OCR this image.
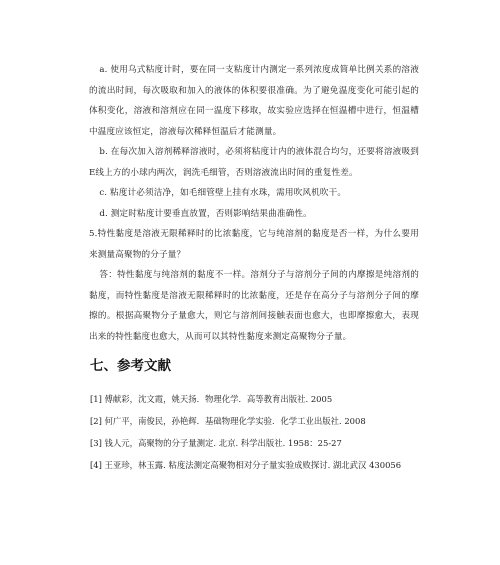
a. 使用乌式粘度计时，要在同一支粘度计内测定一系列浓度成简单比例关系的溶液的流出时间，每次吸取和加入的液体的体积要很准确。为了避免温度变化可能引起的体积变化，溶液和溶剂应在同一温度下移取，故实验应选择在恒温槽中进行，恒温槽中温度应该恒定，溶液每次稀释恒温后才能测量。

b. 在每次加入溶剂稀释溶液时，必须将粘度计内的液体混合均匀，还要将溶液吸到E线上方的小球内两次，润洗毛细管，否则溶液流出时间的重复性差。

c. 粘度计必须洁净，如毛细管壁上挂有水珠，需用吹风机吹干。

d. 测定时粘度计要垂直放置，否则影响结果曲准确性。

5.特性黏度是溶液无限稀释时的比浓黏度，它与纯溶剂的黏度是否一样，为什么要用来测量高聚物的分子量？

答：特性黏度与纯溶剂的黏度不一样。溶剂分子与溶剂分子间的内摩擦是纯溶剂的黏度，而特性黏度是溶液无限稀释时的比浓黏度，还是存在高分子与溶剂分子间的摩擦的。根据高聚物分子量愈大，则它与溶剂间接触表面也愈大，也即摩擦愈大，表现出来的特性黏度也愈大，从而可以其特性黏度来测定高聚物分子量。

七、参考文献

[1] 傅献彩，沈文霞，姚天扬．物理化学．高等教育出版社. 2005

[2] 何广平，南俊民，孙艳辉．基础物理化学实验．化学工业出版社. 2008

[3] 钱人元，高聚物的分子量测定. 北京. 科学出版社. 1958：25-27

[4] 王亚珍，林玉露. 粘度法测定高聚物相对分子量实验成败探讨. 湖北武汉 430056
